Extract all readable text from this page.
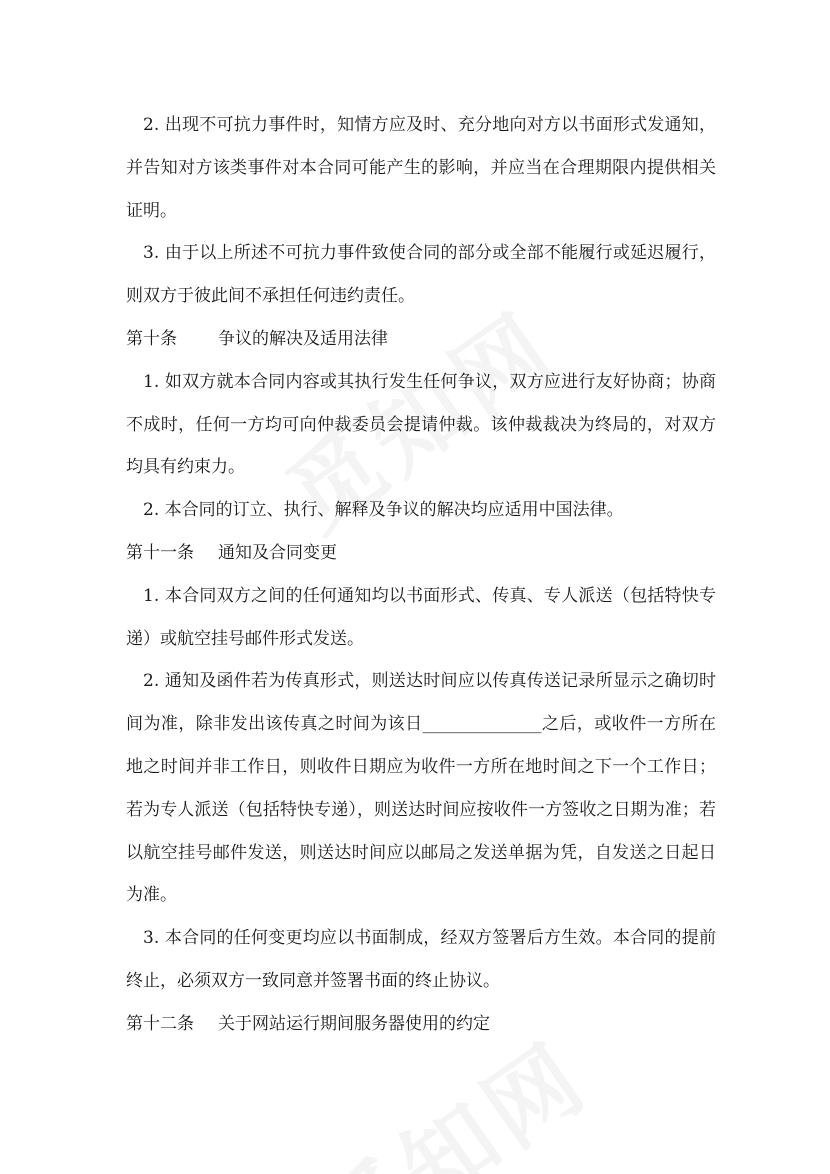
2. 出现不可抗力事件时，知情方应及时、充分地向对方以书面形式发通知，并告知对方该类事件对本合同可能产生的影响，并应当在合理期限内提供相关证明。

3. 由于以上所述不可抗力事件致使合同的部分或全部不能履行或延迟履行，则双方于彼此间不承担任何违约责任。

第十条 争议的解决及适用法律

1. 如双方就本合同内容或其执行发生任何争议，双方应进行友好协商；协商不成时，任何一方均可向仲裁委员会提请仲裁。该仲裁裁决为终局的，对双方均具有约束力。

2. 本合同的订立、执行、解释及争议的解决均应适用中国法律。

第十一条 通知及合同变更

1. 本合同双方之间的任何通知均以书面形式、传真、专人派送（包括特快专递）或航空挂号邮件形式发送。

2. 通知及函件若为传真形式，则送达时间应以传真传送记录所显示之确切时间为准，除非发出该传真之时间为该日______________之后，或收件一方所在地之时间并非工作日，则收件日期应为收件一方所在地时间之下一个工作日；若为专人派送（包括特快专递），则送达时间应按收件一方签收之日期为准；若以航空挂号邮件发送，则送达时间应以邮局之发送单据为凭，自发送之日起日为准。

3. 本合同的任何变更均应以书面制成，经双方签署后方生效。本合同的提前终止，必须双方一致同意并签署书面的终止协议。

第十二条 关于网站运行期间服务器使用的约定
